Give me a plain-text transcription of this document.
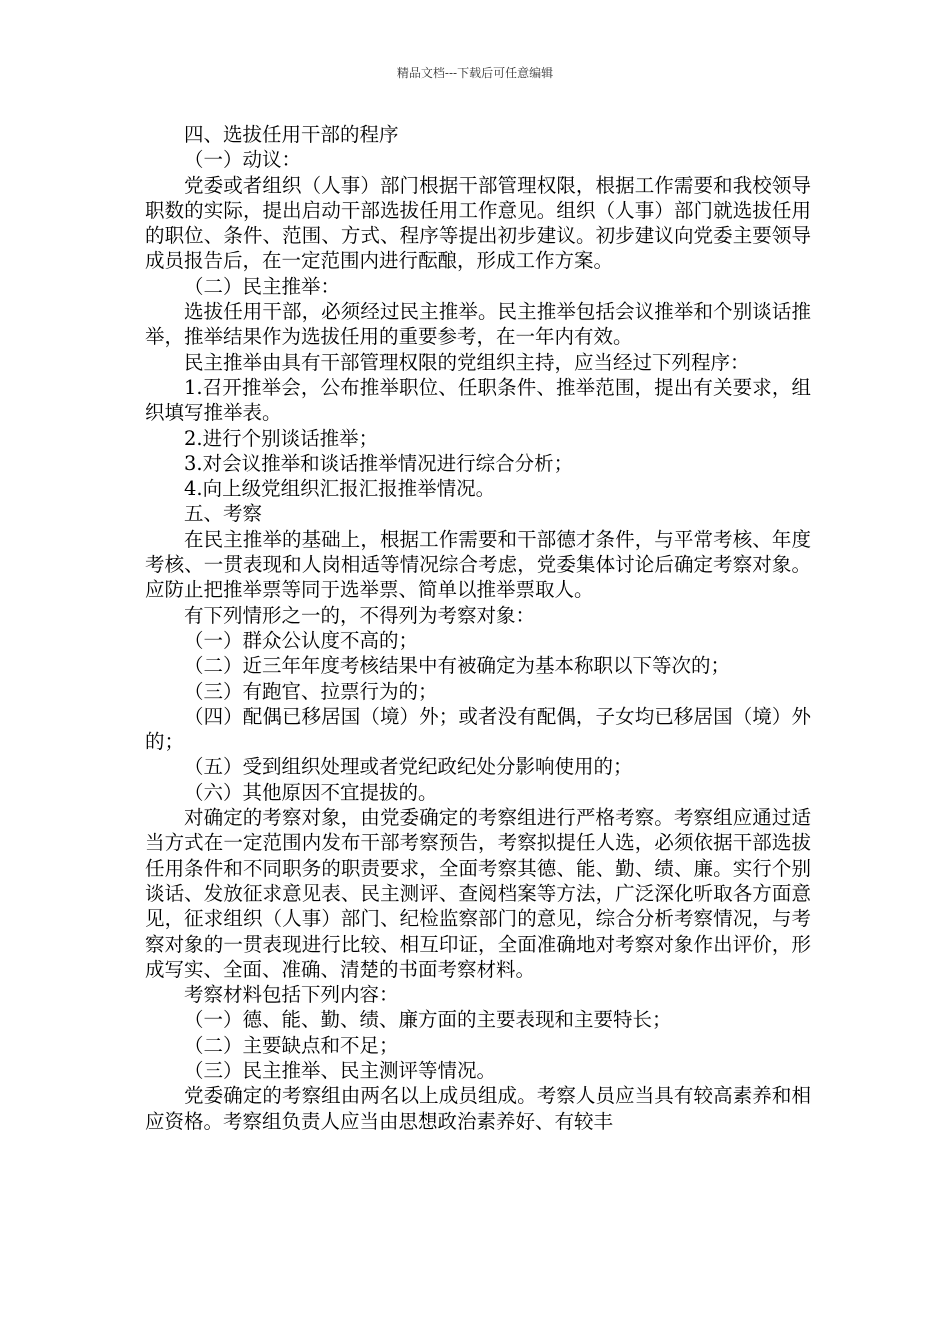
精品文档---下载后可任意编辑

四、选拔任用干部的程序

（一）动议：

党委或者组织（人事）部门根据干部管理权限，根据工作需要和我校领导职数的实际，提出启动干部选拔任用工作意见。组织（人事）部门就选拔任用的职位、条件、范围、方式、程序等提出初步建议。初步建议向党委主要领导成员报告后，在一定范围内进行酝酿，形成工作方案。

（二）民主推举：

选拔任用干部，必须经过民主推举。民主推举包括会议推举和个别谈话推举，推举结果作为选拔任用的重要参考，在一年内有效。

民主推举由具有干部管理权限的党组织主持，应当经过下列程序：

1.召开推举会，公布推举职位、任职条件、推举范围，提出有关要求，组织填写推举表。

2.进行个别谈话推举；

3.对会议推举和谈话推举情况进行综合分析；

4.向上级党组织汇报汇报推举情况。

五、考察

在民主推举的基础上，根据工作需要和干部德才条件，与平常考核、年度考核、一贯表现和人岗相适等情况综合考虑，党委集体讨论后确定考察对象。应防止把推举票等同于选举票、简单以推举票取人。

有下列情形之一的，不得列为考察对象：

（一）群众公认度不高的；

（二）近三年年度考核结果中有被确定为基本称职以下等次的；

（三）有跑官、拉票行为的；

（四）配偶已移居国（境）外；或者没有配偶，子女均已移居国（境）外的；

（五）受到组织处理或者党纪政纪处分影响使用的；

（六）其他原因不宜提拔的。

对确定的考察对象，由党委确定的考察组进行严格考察。考察组应通过适当方式在一定范围内发布干部考察预告，考察拟提任人选，必须依据干部选拔任用条件和不同职务的职责要求，全面考察其德、能、勤、绩、廉。实行个别谈话、发放征求意见表、民主测评、查阅档案等方法，广泛深化听取各方面意见，征求组织（人事）部门、纪检监察部门的意见，综合分析考察情况，与考察对象的一贯表现进行比较、相互印证，全面准确地对考察对象作出评价，形成写实、全面、准确、清楚的书面考察材料。

考察材料包括下列内容：

（一）德、能、勤、绩、廉方面的主要表现和主要特长；

（二）主要缺点和不足；

（三）民主推举、民主测评等情况。

党委确定的考察组由两名以上成员组成。考察人员应当具有较高素养和相应资格。考察组负责人应当由思想政治素养好、有较丰
